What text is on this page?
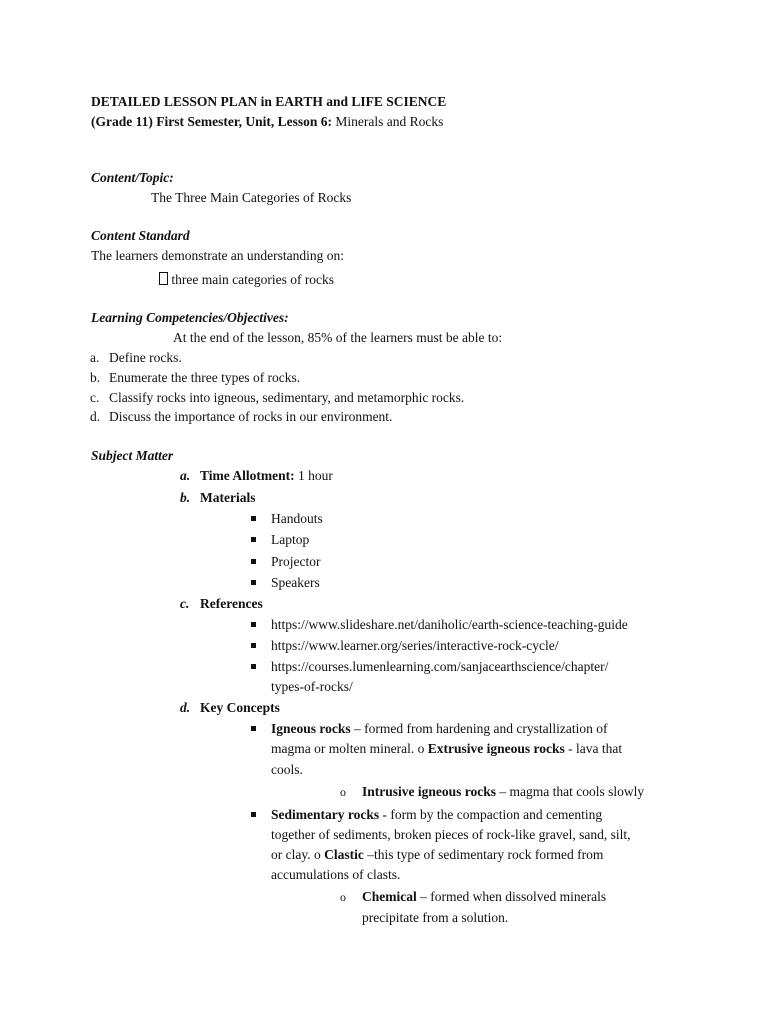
DETAILED LESSON PLAN in EARTH and LIFE SCIENCE
(Grade 11) First Semester, Unit, Lesson 6: Minerals and Rocks
Content/Topic:
The Three Main Categories of Rocks
Content Standard
The learners demonstrate an understanding on:
three main categories of rocks
Learning Competencies/Objectives:
At the end of the lesson, 85% of the learners must be able to:
a. Define rocks.
b. Enumerate the three types of rocks.
c. Classify rocks into igneous, sedimentary, and metamorphic rocks.
d. Discuss the importance of rocks in our environment.
Subject Matter
a. Time Allotment: 1 hour
b. Materials
Handouts
Laptop
Projector
Speakers
c. References
https://www.slideshare.net/daniholic/earth-science-teaching-guide
https://www.learner.org/series/interactive-rock-cycle/
https://courses.lumenlearning.com/sanjacearthscience/chapter/
types-of-rocks/
d. Key Concepts
Igneous rocks – formed from hardening and crystallization of
magma or molten mineral. o Extrusive igneous rocks - lava that
cools.
o Intrusive igneous rocks – magma that cools slowly
Sedimentary rocks - form by the compaction and cementing
together of sediments, broken pieces of rock-like gravel, sand, silt,
or clay. o Clastic –this type of sedimentary rock formed from
accumulations of clasts.
o Chemical – formed when dissolved minerals
precipitate from a solution.
